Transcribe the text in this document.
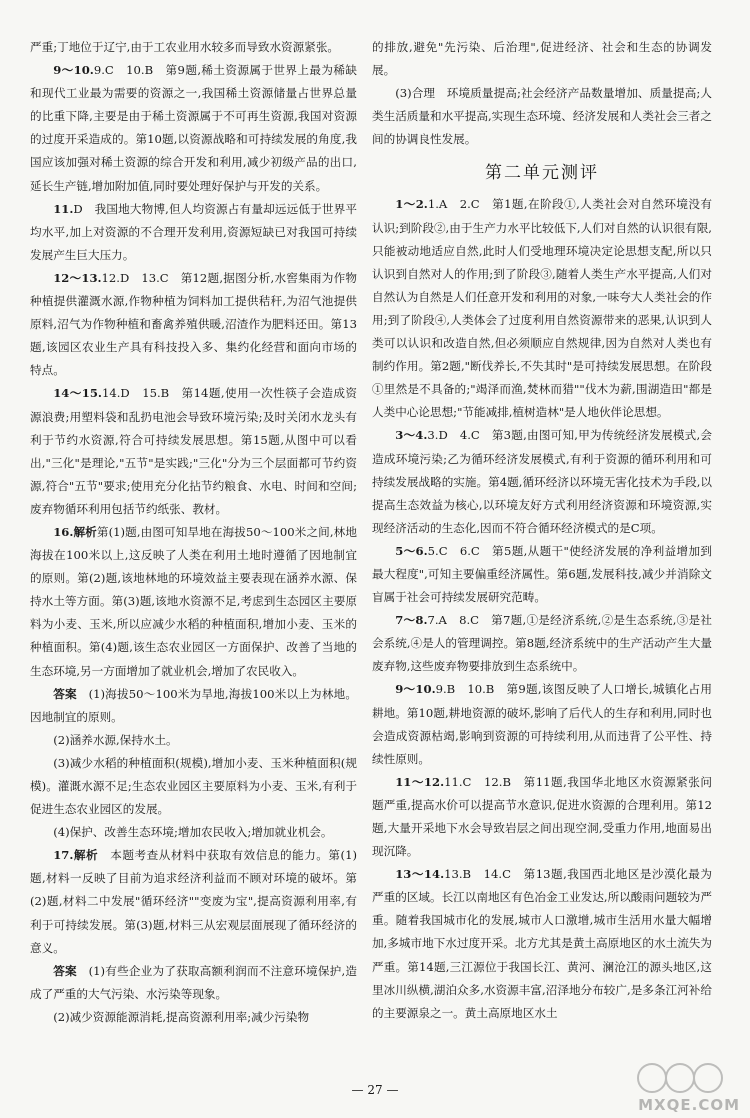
严重;丁地位于辽宁,由于工农业用水较多而导致水资源紧张。

9～10.9.C　10.B　第9题,稀土资源属于世界上最为稀缺和现代工业最为需要的资源之一,我国稀土资源储量占世界总量的比重下降,主要是由于稀土资源属于不可再生资源,我国对资源的过度开采造成的。第10题,以资源战略和可持续发展的角度,我国应该加强对稀土资源的综合开发和利用,减少初级产品的出口,延长生产链,增加附加值,同时要处理好保护与开发的关系。

11.D　我国地大物博,但人均资源占有量却远远低于世界平均水平,加上对资源的不合理开发利用,资源短缺已对我国可持续发展产生巨大压力。

12～13.12.D　13.C　第12题,据图分析,水窖集雨为作物种植提供灌溉水源,作物种植为饲料加工提供秸秆,为沼气池提供原料,沼气为作物种植和畜禽养殖供暖,沼渣作为肥料还田。第13题,该园区农业生产具有科技投入多、集约化经营和面向市场的特点。

14～15.14.D　15.B　第14题,使用一次性筷子会造成资源浪费;用塑料袋和乱扔电池会导致环境污染;及时关闭水龙头有利于节约水资源,符合可持续发展思想。第15题,从图中可以看出,"三化"是理论,"五节"是实践;"三化"分为三个层面都可节约资源,符合"五节"要求;使用充分化拈节约粮食、水电、时间和空间;废弃物循环利用包括节约纸张、教材。

16.解析第(1)题,由图可知旱地在海拔50～100米之间,林地海拔在100米以上,这反映了人类在利用土地时遵循了因地制宜的原则。第(2)题,该地林地的环境效益主要表现在涵养水源、保持水土等方面。第(3)题,该地水资源不足,考虑到生态园区主要原料为小麦、玉米,所以应减少水稻的种植面积,增加小麦、玉米的种植面积。第(4)题,该生态农业园区一方面保护、改善了当地的生态环境,另一方面增加了就业机会,增加了农民收入。

答案　 (1)海拔50～100米为旱地,海拔100米以上为林地。因地制宜的原则。

(2)涵养水源,保持水土。

(3)减少水稻的种植面积(规模),增加小麦、玉米种植面积(规模)。灌溉水源不足;生态农业园区主要原料为小麦、玉米,有利于促进生态农业园区的发展。

(4)保护、改善生态环境;增加农民收入;增加就业机会。

17.解析　 本题考查从材料中获取有效信息的能力。第(1)题,材料一反映了目前为追求经济利益而不顾对环境的破坏。第(2)题,材料二中发展"循环经济""变废为宝",提高资源利用率,有利于可持续发展。第(3)题,材料三从宏观层面展现了循环经济的意义。

答案　 (1)有些企业为了获取高额利润而不注意环境保护,造成了严重的大气污染、水污染等现象。

(2)减少资源能源消耗,提高资源利用率;减少污染物

的排放,避免"先污染、后治理",促进经济、社会和生态的协调发展。

(3)合理　环境质量提高;社会经济产品数量增加、质量提高;人类生活质量和水平提高,实现生态环境、经济发展和人类社会三者之间的协调良性发展。

第二单元测评

1～2.1.A　2.C　第1题,在阶段①,人类社会对自然环境没有认识;到阶段②,由于生产力水平比较低下,人们对自然的认识很有限,只能被动地适应自然,此时人们受地理环境决定论思想支配,所以只认识到自然对人的作用;到了阶段③,随着人类生产水平提高,人们对自然认为自然是人们任意开发和利用的对象,一味夸大人类社会的作用;到了阶段④,人类体会了过度利用自然资源带来的恶果,认识到人类可以认识和改造自然,但必须顺应自然规律,因为自然对人类也有制约作用。第2题,"断伐养长,不失其时"是可持续发展思想。在阶段①里然是不具备的;"竭泽而渔,焚林而猎""伐木为薪,围湖造田"都是人类中心论思想;"节能减排,植树造林"是人地伙伴论思想。

3～4.3.D　4.C　第3题,由图可知,甲为传统经济发展模式,会造成环境污染;乙为循环经济发展模式,有利于资源的循环利用和可持续发展战略的实施。第4题,循环经济以环境无害化技术为手段,以提高生态效益为核心,以环境友好方式利用经济资源和环境资源,实现经济活动的生态化,因而不符合循环经济模式的是C项。

5～6.5.C　6.C　第5题,从题干"使经济发展的净利益增加到最大程度",可知主要偏重经济属性。第6题,发展科技,减少并消除文盲属于社会可持续发展研究范畴。

7～8.7.A　8.C　第7题,①是经济系统,②是生态系统,③是社会系统,④是人的管理调控。第8题,经济系统中的生产活动产生大量废弃物,这些废弃物要排放到生态系统中。

9～10.9.B　10.B　第9题,该图反映了人口增长,城镇化占用耕地。第10题,耕地资源的破坏,影响了后代人的生存和利用,同时也会造成资源枯竭,影响到资源的可持续利用,从而违背了公平性、持续性原则。

11～12.11.C　12.B　第11题,我国华北地区水资源紧张问题严重,提高水价可以提高节水意识,促进水资源的合理利用。第12题,大量开采地下水会导致岩层之间出现空洞,受重力作用,地面易出现沉降。

13～14.13.B　14.C　第13题,我国西北地区是沙漠化最为严重的区域。长江以南地区有色冶金工业发达,所以酸雨问题较为严重。随着我国城市化的发展,城市人口激增,城市生活用水量大幅增加,多城市地下水过度开采。北方尤其是黄土高原地区的水土流失为严重。第14题,三江源位于我国长江、黄河、澜沧江的源头地区,这里冰川纵横,湖泊众多,水资源丰富,沼泽地分布较广,是多条江河补给的主要源泉之一。黄土高原地区水土

— 27 —
MXQE.COM
